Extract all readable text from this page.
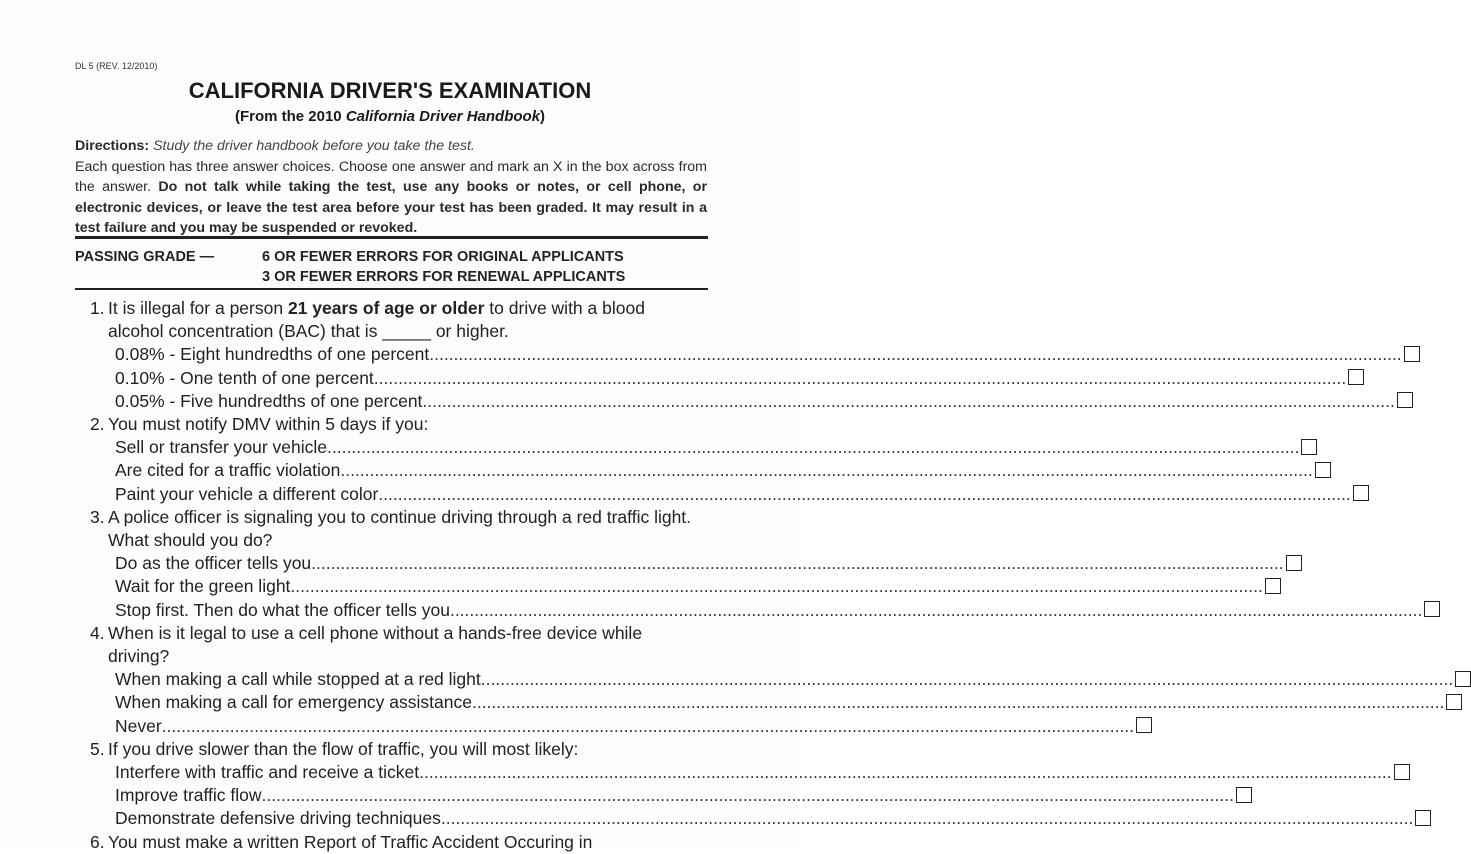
DL 5 (REV. 12/2010)
CALIFORNIA DRIVER'S EXAMINATION
(From the 2010 California Driver Handbook)
Directions: Study the driver handbook before you take the test.
Each question has three answer choices. Choose one answer and mark an X in the box across from the answer. Do not talk while taking the test, use any books or notes, or cell phone, or electronic devices, or leave the test area before your test has been graded. It may result in a test failure and you may be suspended or revoked.
PASSING GRADE —	6 OR FEWER ERRORS FOR ORIGINAL APPLICANTS
3 OR FEWER ERRORS FOR RENEWAL APPLICANTS
1. It is illegal for a person 21 years of age or older to drive with a blood alcohol concentration (BAC) that is _____ or higher.
0.08% - Eight hundredths of one percent ........................................................................................................................................................................................................
0.10% - One tenth of one percent ........................................................................................................................................................................................................
0.05% - Five hundredths of one percent ........................................................................................................................................................................................................
2. You must notify DMV within 5 days if you:
Sell or transfer your vehicle ........................................................................................................................................................................................................
Are cited for a traffic violation ........................................................................................................................................................................................................
Paint your vehicle a different color ........................................................................................................................................................................................................
3. A police officer is signaling you to continue driving through a red traffic light. What should you do?
Do as the officer tells you ........................................................................................................................................................................................................
Wait for the green light ........................................................................................................................................................................................................
Stop first. Then do what the officer tells you ........................................................................................................................................................................................................
4. When is it legal to use a cell phone without a hands-free device while driving?
When making a call while stopped at a red light ........................................................................................................................................................................................................
When making a call for emergency assistance ........................................................................................................................................................................................................
Never ........................................................................................................................................................................................................
5. If you drive slower than the flow of traffic, you will most likely:
Interfere with traffic and receive a ticket ........................................................................................................................................................................................................
Improve traffic flow ........................................................................................................................................................................................................
Demonstrate defensive driving techniques ........................................................................................................................................................................................................
6. You must make a written Report of Traffic Accident Occuring in
